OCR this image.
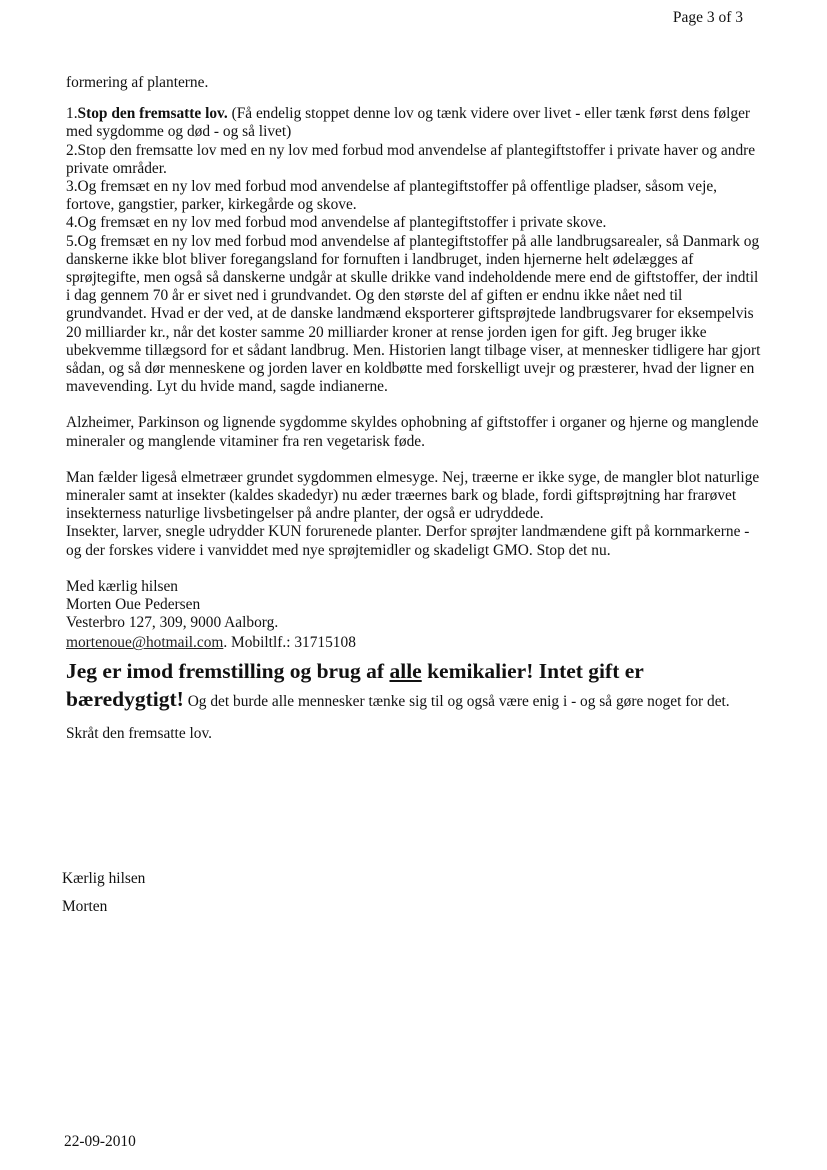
Page 3 of 3

formering af planterne.

1.Stop den fremsatte lov. (Få endelig stoppet denne lov og tænk videre over livet - eller tænk først dens følger med sygdomme og død - og så livet)

2.Stop den fremsatte lov med en ny lov med forbud mod anvendelse af plantegiftstoffer i private haver og andre private områder.

3.Og fremsæt en ny lov med forbud mod anvendelse af plantegiftstoffer på offentlige pladser, såsom veje, fortove, gangstier, parker, kirkegårde og skove.

4.Og fremsæt en ny lov med forbud mod anvendelse af plantegiftstoffer i private skove.

5.Og fremsæt en ny lov med forbud mod anvendelse af plantegiftstoffer på alle landbrugsarealer, så Danmark og danskerne ikke blot bliver foregangsland for fornuften i landbruget, inden hjernerne helt ødelægges af sprøjtegifte, men også så danskerne undgår at skulle drikke vand indeholdende mere end de giftstoffer, der indtil i dag gennem 70 år er sivet ned i grundvandet. Og den største del af giften er endnu ikke nået ned til grundvandet. Hvad er der ved, at de danske landmænd eksporterer giftsprøjtede landbrugsvarer for eksempelvis 20 milliarder kr., når det koster samme 20 milliarder kroner at rense jorden igen for gift. Jeg bruger ikke ubekvemme tillægsord for et sådant landbrug. Men. Historien langt tilbage viser, at mennesker tidligere har gjort sådan, og så dør menneskene og jorden laver en koldbøtte med forskelligt uvejr og præsterer, hvad der ligner en mavevending. Lyt du hvide mand, sagde indianerne.

Alzheimer, Parkinson og lignende sygdomme skyldes ophobning af giftstoffer i organer og hjerne og manglende mineraler og manglende vitaminer fra ren vegetarisk føde.

Man fælder ligeså elmetræer grundet sygdommen elmesyge. Nej, træerne er ikke syge, de mangler blot naturlige mineraler samt at insekter (kaldes skadedyr) nu æder træernes bark og blade, fordi giftsprøjtning har frarøvet insekterness naturlige livsbetingelser på andre planter, der også er udryddede.

Insekter, larver, snegle udrydder KUN forurenede planter. Derfor sprøjter landmændene gift på kornmarkerne - og der forskes videre i vanviddet med nye sprøjtemidler og skadeligt GMO. Stop det nu.

Med kærlig hilsen

Morten Oue Pedersen

Vesterbro 127, 309, 9000 Aalborg.

mortenoue@hotmail.com. Mobiltlf.: 31715108

Jeg er imod fremstilling og brug af alle kemikalier! Intet gift er

bæredygtigt! Og det burde alle mennesker tænke sig til og også være enig i - og så gøre noget for det.

Skråt den fremsatte lov.

Kærlig hilsen
Morten
22-09-2010
